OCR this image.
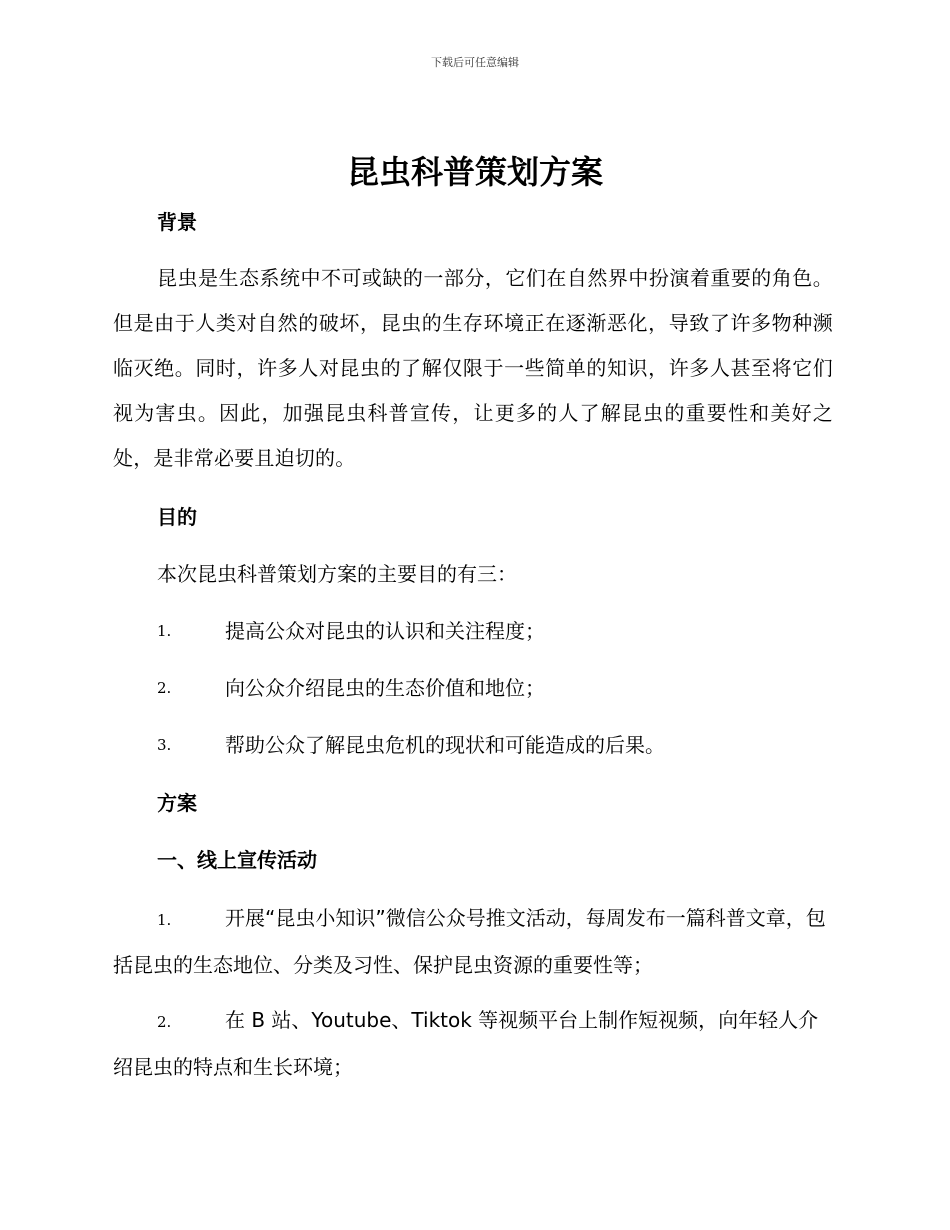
下载后可任意编辑
昆虫科普策划方案
背景
昆虫是生态系统中不可或缺的一部分，它们在自然界中扮演着重要的角色。但是由于人类对自然的破坏，昆虫的生存环境正在逐渐恶化，导致了许多物种濒临灭绝。同时，许多人对昆虫的了解仅限于一些简单的知识，许多人甚至将它们视为害虫。因此，加强昆虫科普宣传，让更多的人了解昆虫的重要性和美好之处，是非常必要且迫切的。
目的
本次昆虫科普策划方案的主要目的有三：
1.	提高公众对昆虫的认识和关注程度；
2.	向公众介绍昆虫的生态价值和地位；
3.	帮助公众了解昆虫危机的现状和可能造成的后果。
方案
一、线上宣传活动
1.	开展“昆虫小知识”微信公众号推文活动，每周发布一篇科普文章，包括昆虫的生态地位、分类及习性、保护昆虫资源的重要性等；
2.	在 B 站、Youtube、Tiktok 等视频平台上制作短视频，向年轻人介绍昆虫的特点和生长环境；
